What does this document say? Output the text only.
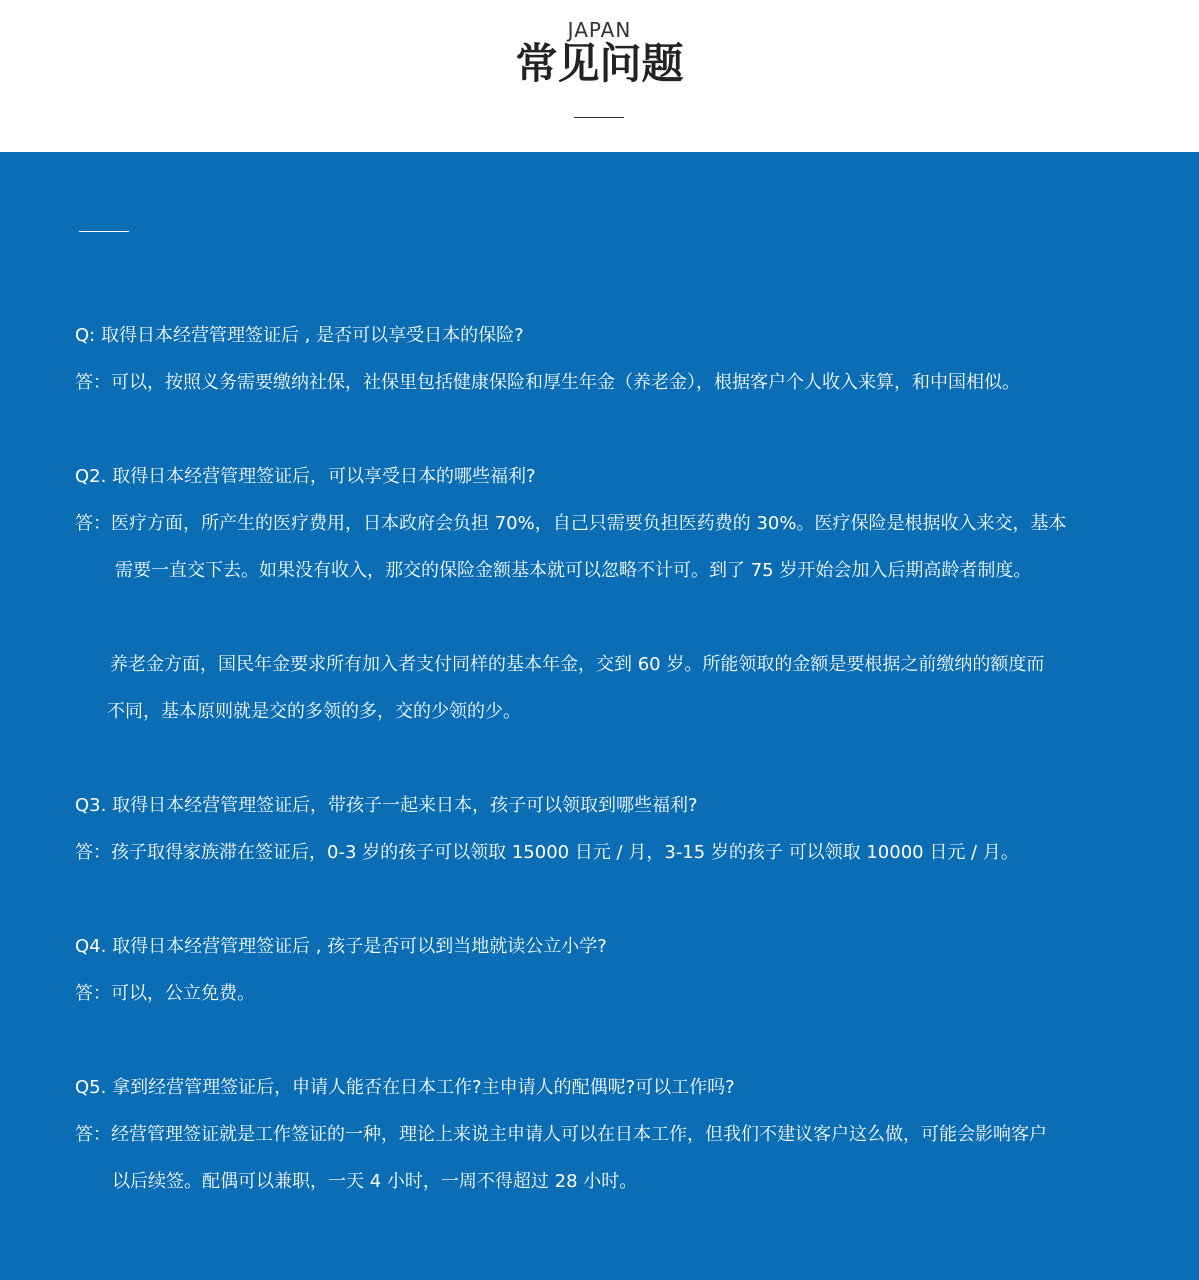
JAPAN
常见问题
Q: 取得日本经营管理签证后 , 是否可以享受日本的保险?
答：可以，按照义务需要缴纳社保，社保里包括健康保险和厚生年金（养老金），根据客户个人收入来算，和中国相似。
Q2. 取得日本经营管理签证后，可以享受日本的哪些福利?
答：医疗方面，所产生的医疗费用，日本政府会负担 70%，自己只需要负担医药费的 30%。医疗保险是根据收入来交，基本
需要一直交下去。如果没有收入，那交的保险金额基本就可以忽略不计可。到了 75 岁开始会加入后期高龄者制度。
养老金方面，国民年金要求所有加入者支付同样的基本年金，交到 60 岁。所能领取的金额是要根据之前缴纳的额度而
不同，基本原则就是交的多领的多，交的少领的少。
Q3. 取得日本经营管理签证后，带孩子一起来日本，孩子可以领取到哪些福利?
答：孩子取得家族滞在签证后，0-3 岁的孩子可以领取 15000 日元 / 月，3-15 岁的孩子 可以领取 10000 日元 / 月。
Q4. 取得日本经营管理签证后 , 孩子是否可以到当地就读公立小学?
答：可以，公立免费。
Q5. 拿到经营管理签证后，申请人能否在日本工作?主申请人的配偶呢?可以工作吗?
答：经营管理签证就是工作签证的一种，理论上来说主申请人可以在日本工作，但我们不建议客户这么做，可能会影响客户
以后续签。配偶可以兼职，一天 4 小时，一周不得超过 28 小时。
